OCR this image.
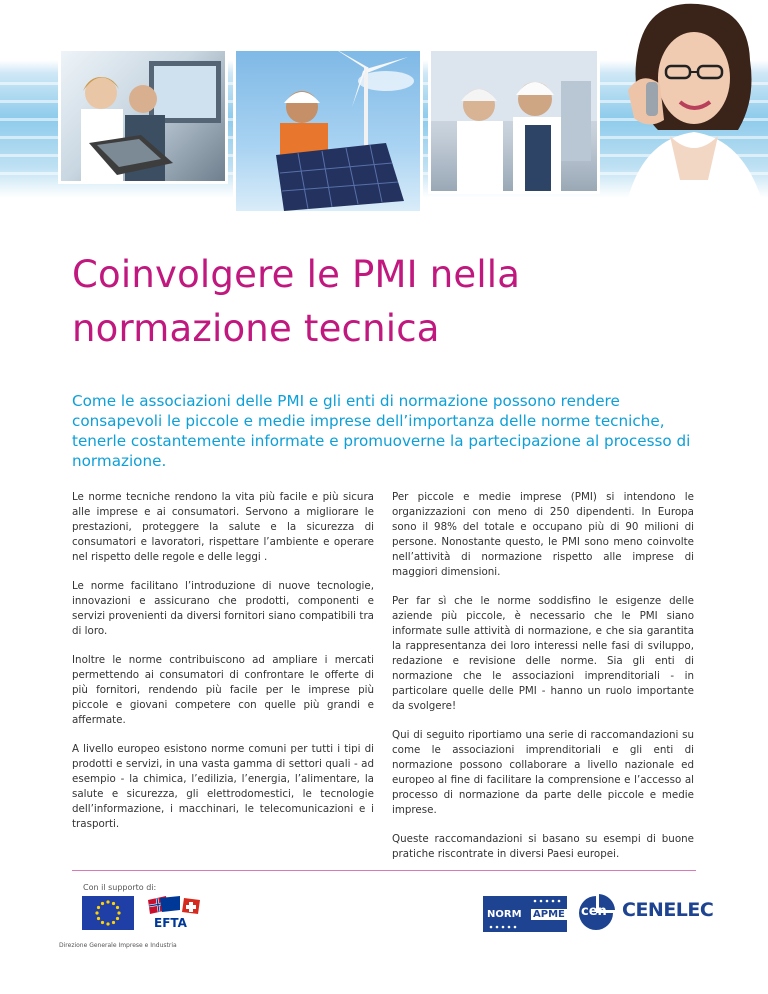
Coinvolgere le PMI nella normazione tecnica

Come le associazioni delle PMI e gli enti di normazione possono rendere consapevoli le piccole e medie imprese dell’importanza delle norme tecniche, tenerle costantemente informate e promuoverne la partecipazione al processo di normazione.

Le norme tecniche rendono la vita più facile e più sicura alle imprese e ai consumatori. Servono a migliorare le prestazioni, proteggere la salute e la sicurezza di consumatori e lavoratori, rispettare l’ambiente e operare nel rispetto delle regole e delle leggi .

Le norme facilitano l’introduzione di nuove tecnologie, innovazioni e assicurano che prodotti, componenti e servizi provenienti da diversi fornitori siano compatibili tra di loro.

Inoltre le norme contribuiscono ad ampliare i mercati permettendo ai consumatori di confrontare le offerte di più fornitori, rendendo più facile per le imprese più piccole e giovani competere con quelle più grandi e affermate.

A livello europeo esistono norme comuni per tutti i tipi di prodotti e servizi, in una vasta gamma di settori quali - ad esempio - la chimica, l’edilizia, l’energia, l’alimentare, la salute e sicurezza, gli elettrodomestici, le tecnologie dell’informazione, i macchinari, le telecomunicazioni e i trasporti.

Per piccole e medie imprese (PMI) si intendono le organizzazioni con meno di 250 dipendenti. In Europa sono il 98% del totale e occupano più di 90 milioni di persone. Nonostante questo, le PMI sono meno coinvolte nell’attività di normazione rispetto alle imprese di maggiori dimensioni.

Per far sì che le norme soddisfino le esigenze delle aziende più piccole, è necessario che le PMI siano informate sulle attività di normazione, e che sia garantita la rappresentanza dei loro interessi nelle fasi di sviluppo, redazione e revisione delle norme. Sia gli enti di normazione che le associazioni imprenditoriali - in particolare quelle delle PMI - hanno un ruolo importante da svolgere!

Qui di seguito riportiamo una serie di raccomandazioni su come le associazioni imprenditoriali e gli enti di normazione possono collaborare a livello nazionale ed europeo al fine di facilitare la comprensione e l’accesso al processo di normazione da parte delle piccole e medie imprese.

Queste raccomandazioni si basano su esempi di buone pratiche riscontrate in diversi Paesi europei.

Con il supporto di:
EFTA
Direzione Generale Imprese e Industria
NORM APME cen CENELEC
